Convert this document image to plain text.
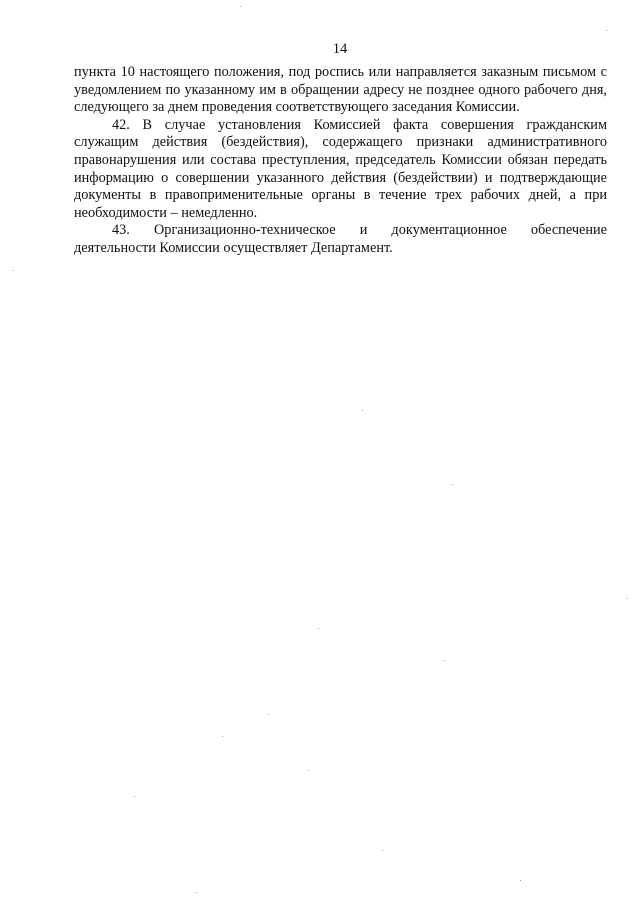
14

пункта 10 настоящего положения, под роспись или направляется заказным письмом с уведомлением по указанному им в обращении адресу не позднее одного рабочего дня, следующего за днем проведения соответствующего заседания Комиссии.

42. В случае установления Комиссией факта совершения гражданским служащим действия (бездействия), содержащего признаки административного правонарушения или состава преступления, председатель Комиссии обязан передать информацию о совершении указанного действия (бездействии) и подтверждающие документы в правоприменительные органы в течение трех рабочих дней, а при необходимости – немедленно.

43. Организационно-техническое и документационное обеспечение деятельности Комиссии осуществляет Департамент.
